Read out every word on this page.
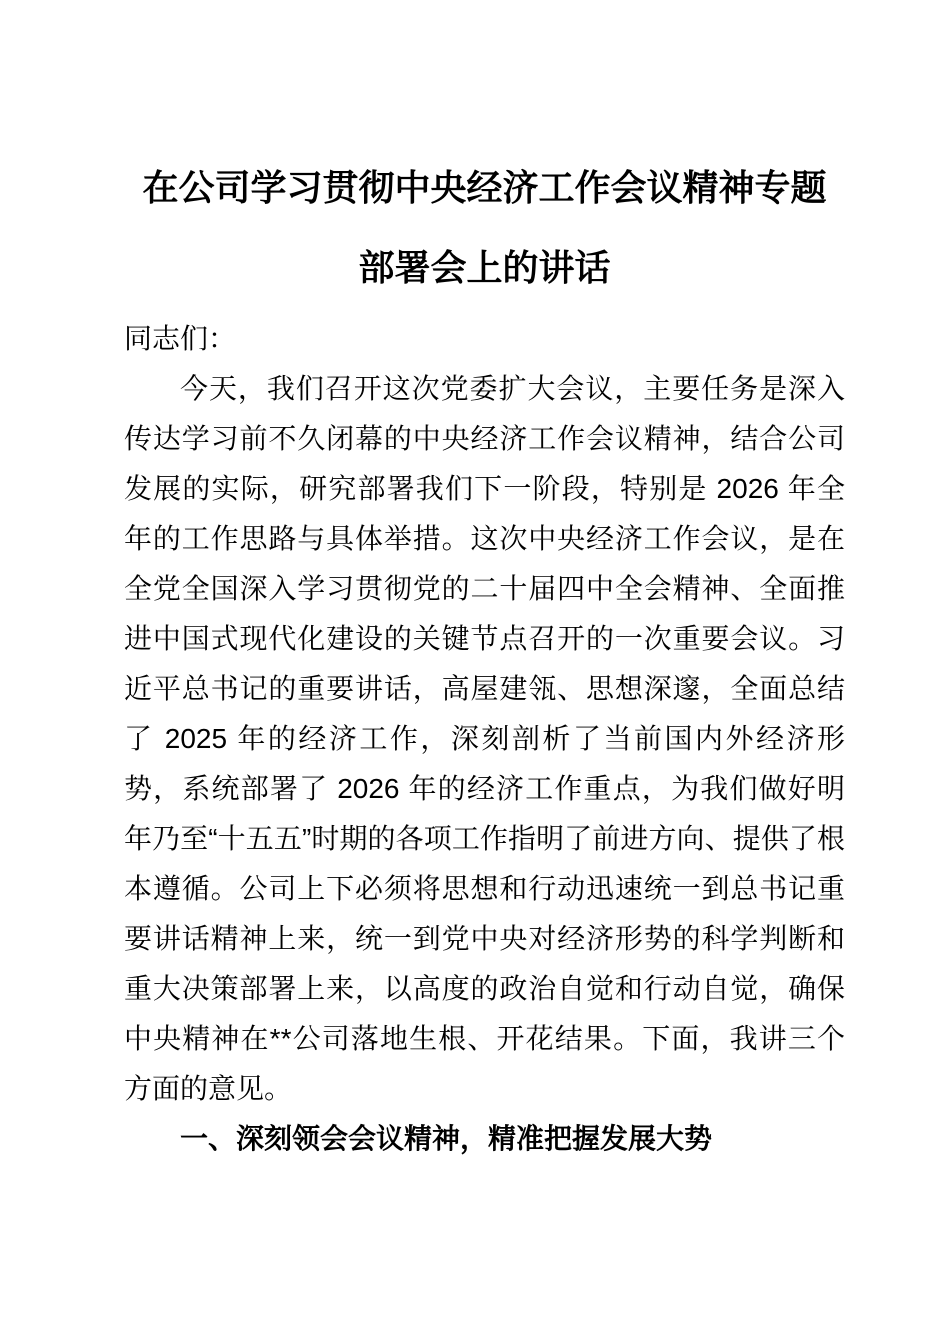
在公司学习贯彻中央经济工作会议精神专题
部署会上的讲话

同志们：

今天，我们召开这次党委扩大会议，主要任务是深入传达学习前不久闭幕的中央经济工作会议精神，结合公司发展的实际，研究部署我们下一阶段，特别是 2026 年全年的工作思路与具体举措。这次中央经济工作会议，是在全党全国深入学习贯彻党的二十届四中全会精神、全面推进中国式现代化建设的关键节点召开的一次重要会议。习近平总书记的重要讲话，高屋建瓴、思想深邃，全面总结了 2025 年的经济工作，深刻剖析了当前国内外经济形势，系统部署了 2026 年的经济工作重点，为我们做好明年乃至“十五五”时期的各项工作指明了前进方向、提供了根本遵循。公司上下必须将思想和行动迅速统一到总书记重要讲话精神上来，统一到党中央对经济形势的科学判断和重大决策部署上来，以高度的政治自觉和行动自觉，确保中央精神在**公司落地生根、开花结果。下面，我讲三个方面的意见。

一、深刻领会会议精神，精准把握发展大势
